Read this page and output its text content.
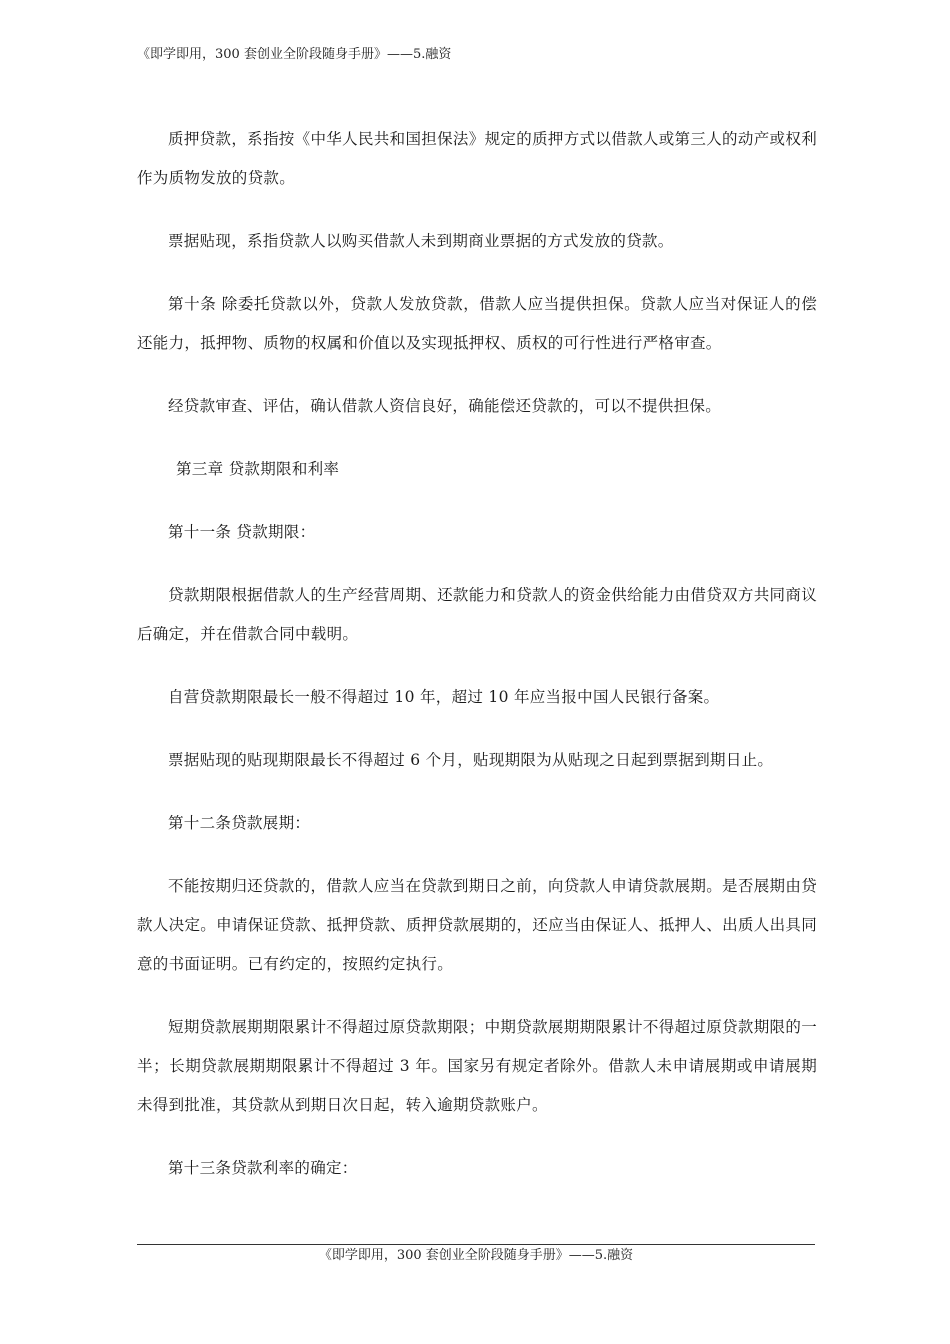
《即学即用，300 套创业全阶段随身手册》——5.融资

质押贷款，系指按《中华人民共和国担保法》规定的质押方式以借款人或第三人的动产或权利作为质物发放的贷款。

票据贴现，系指贷款人以购买借款人未到期商业票据的方式发放的贷款。

第十条 除委托贷款以外，贷款人发放贷款，借款人应当提供担保。贷款人应当对保证人的偿还能力，抵押物、质物的权属和价值以及实现抵押权、质权的可行性进行严格审查。

经贷款审查、评估，确认借款人资信良好，确能偿还贷款的，可以不提供担保。

第三章 贷款期限和利率

第十一条 贷款期限：

贷款期限根据借款人的生产经营周期、还款能力和贷款人的资金供给能力由借贷双方共同商议后确定，并在借款合同中载明。

自营贷款期限最长一般不得超过 10 年，超过 10 年应当报中国人民银行备案。

票据贴现的贴现期限最长不得超过 6 个月，贴现期限为从贴现之日起到票据到期日止。

第十二条贷款展期：

不能按期归还贷款的，借款人应当在贷款到期日之前，向贷款人申请贷款展期。是否展期由贷款人决定。申请保证贷款、抵押贷款、质押贷款展期的，还应当由保证人、抵押人、出质人出具同意的书面证明。已有约定的，按照约定执行。

短期贷款展期期限累计不得超过原贷款期限；中期贷款展期期限累计不得超过原贷款期限的一半；长期贷款展期期限累计不得超过 3 年。国家另有规定者除外。借款人未申请展期或申请展期未得到批准，其贷款从到期日次日起，转入逾期贷款账户。

第十三条贷款利率的确定：

《即学即用，300 套创业全阶段随身手册》——5.融资
